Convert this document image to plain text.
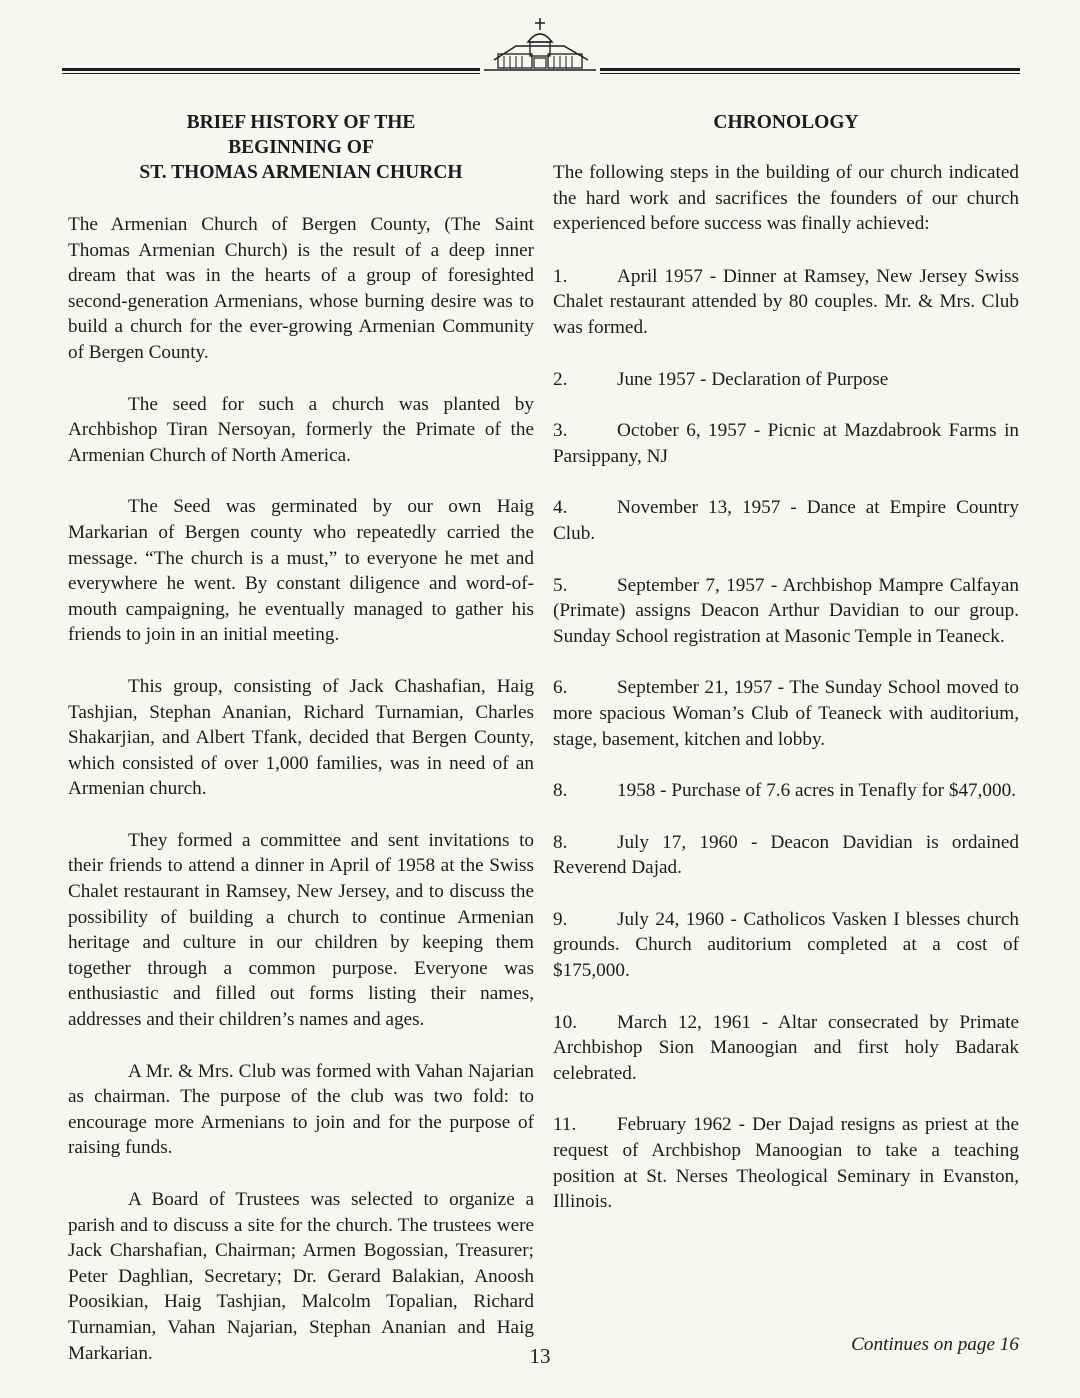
BRIEF HISTORY OF THE
BEGINNING OF
ST. THOMAS ARMENIAN CHURCH

The Armenian Church of Bergen County, (The Saint Thomas Armenian Church) is the result of a deep inner dream that was in the hearts of a group of foresighted second-generation Armenians, whose burning desire was to build a church for the ever-growing Armenian Community of Bergen County.

The seed for such a church was planted by Archbishop Tiran Nersoyan, formerly the Primate of the Armenian Church of North America.

The Seed was germinated by our own Haig Markarian of Bergen county who repeatedly carried the message. “The church is a must,” to everyone he met and everywhere he went. By constant diligence and word-of-mouth campaigning, he eventually managed to gather his friends to join in an initial meeting.

This group, consisting of Jack Chashafian, Haig Tashjian, Stephan Ananian, Richard Turnamian, Charles Shakarjian, and Albert Tfank, decided that Bergen County, which consisted of over 1,000 families, was in need of an Armenian church.

They formed a committee and sent invitations to their friends to attend a dinner in April of 1958 at the Swiss Chalet restaurant in Ramsey, New Jersey, and to discuss the possibility of building a church to continue Armenian heritage and culture in our children by keeping them together through a common purpose. Everyone was enthusiastic and filled out forms listing their names, addresses and their children’s names and ages.

A Mr. & Mrs. Club was formed with Vahan Najarian as chairman. The purpose of the club was two fold: to encourage more Armenians to join and for the purpose of raising funds.

A Board of Trustees was selected to organize a parish and to discuss a site for the church. The trustees were Jack Charshafian, Chairman; Armen Bogossian, Treasurer; Peter Daghlian, Secretary; Dr. Gerard Balakian, Anoosh Poosikian, Haig Tashjian, Malcolm Topalian, Richard Turnamian, Vahan Najarian, Stephan Ananian and Haig Markarian.

CHRONOLOGY

The following steps in the building of our church indicated the hard work and sacrifices the founders of our church experienced before success was finally achieved:

1.	April 1957 - Dinner at Ramsey, New Jersey Swiss Chalet restaurant attended by 80 couples. Mr. & Mrs. Club was formed.
2.	June 1957 - Declaration of Purpose
3.	October 6, 1957 - Picnic at Mazdabrook Farms in Parsippany, NJ
4.	November 13, 1957 - Dance at Empire Country Club.
5.	September 7, 1957 - Archbishop Mampre Calfayan (Primate) assigns Deacon Arthur Davidian to our group. Sunday School registration at Masonic Temple in Teaneck.
6.	September 21, 1957 - The Sunday School moved to more spacious Woman’s Club of Teaneck with auditorium, stage, basement, kitchen and lobby.
8.	1958 - Purchase of 7.6 acres in Tenafly for $47,000.
8.	July 17, 1960 - Deacon Davidian is ordained Reverend Dajad.
9.	July 24, 1960 - Catholicos Vasken I blesses church grounds. Church auditorium completed at a cost of $175,000.
10. March 12, 1961 - Altar consecrated by Primate Archbishop Sion Manoogian and first holy Badarak celebrated.
11. February 1962 - Der Dajad resigns as priest at the request of Archbishop Manoogian to take a teaching position at St. Nerses Theological Seminary in Evanston, Illinois.
Continues on page 16
13
